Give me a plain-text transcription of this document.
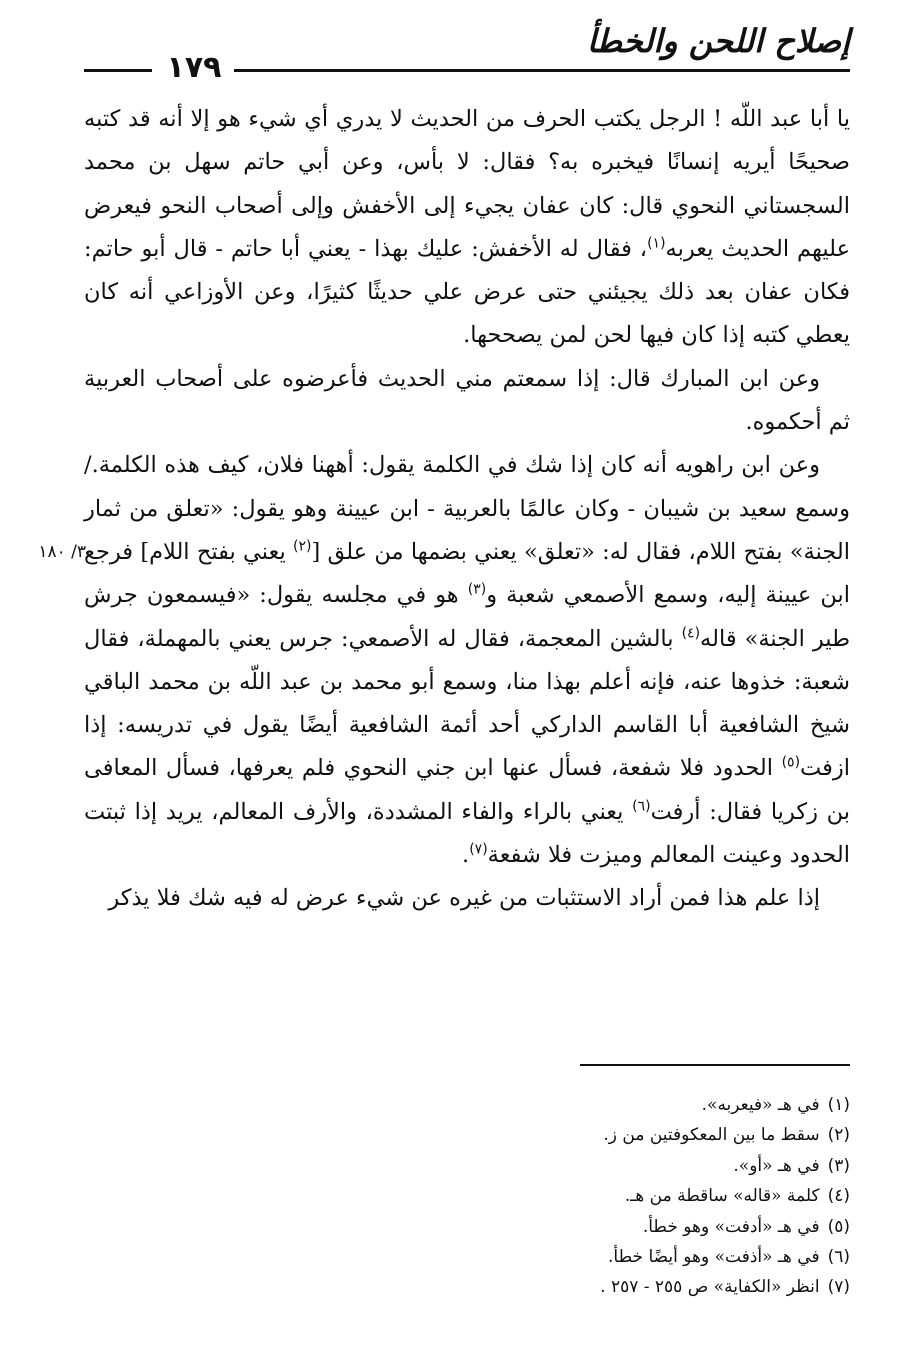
إصلاح اللحن والخطأ
١٧٩

يا أبا عبد اللّه ! الرجل يكتب الحرف من الحديث لا يدري أي شيء هو إلا أنه قد كتبه صحيحًا أيريه إنسانًا فيخبره به؟ فقال: لا بأس، وعن أبي حاتم سهل بن محمد السجستاني النحوي قال: كان عفان يجيء إلى الأخفش وإلى أصحاب النحو فيعرض عليهم الحديث يعربه$^{(١)}$، فقال له الأخفش: عليك بهذا - يعني أبا حاتم - قال أبو حاتم: فكان عفان بعد ذلك يجيئني حتى عرض علي حديثًا كثيرًا، وعن الأوزاعي أنه كان يعطي كتبه إذا كان فيها لحن لمن يصححها.

وعن ابن المبارك قال: إذا سمعتم مني الحديث فأعرضوه على أصحاب العربية ثم أحكموه.

وعن ابن راهويه أنه كان إذا شك في الكلمة يقول: أههنا فلان، كيف هذه الكلمة./ وسمع سعيد بن شيبان - وكان عالمًا بالعربية - ابن عيينة وهو يقول: «تعلق من ثمار الجنة» بفتح اللام، فقال له: «تعلق» يعني بضمها من علق [$^{(٢)}$ يعني بفتح اللام] فرجع ابن عيينة إليه، وسمع الأصمعي شعبة و$^{(٣)}$ هو في مجلسه يقول: «فيسمعون جرش طير الجنة» قاله$^{(٤)}$ بالشين المعجمة، فقال له الأصمعي: جرس يعني بالمهملة، فقال شعبة: خذوها عنه، فإنه أعلم بهذا منا، وسمع أبو محمد بن عبد اللّه بن محمد الباقي شيخ الشافعية أبا القاسم الداركي أحد أئمة الشافعية أيضًا يقول في تدريسه: إذا ازفت$^{(٥)}$ الحدود فلا شفعة، فسأل عنها ابن جني النحوي فلم يعرفها، فسأل المعافى بن زكريا فقال: أرفت$^{(٦)}$ يعني بالراء والفاء المشددة، والأرف المعالم، يريد إذا ثبتت الحدود وعينت المعالم وميزت فلا شفعة$^{(٧)}$.

إذا علم هذا فمن أراد الاستثبات من غيره عن شيء عرض له فيه شك فلا يذكر

٣/ ١٨٠

(١)في هـ «فيعربه».

(٢)سقط ما بين المعكوفتين من ز.

(٣)في هـ «أو».

(٤)كلمة «قاله» ساقطة من هـ.

(٥)في هـ «أدفت» وهو خطأ.

(٦)في هـ «أذفت» وهو أيضًا خطأ.

(٧)انظر «الكفاية» ص ٢٥٥ - ٢٥٧ .
